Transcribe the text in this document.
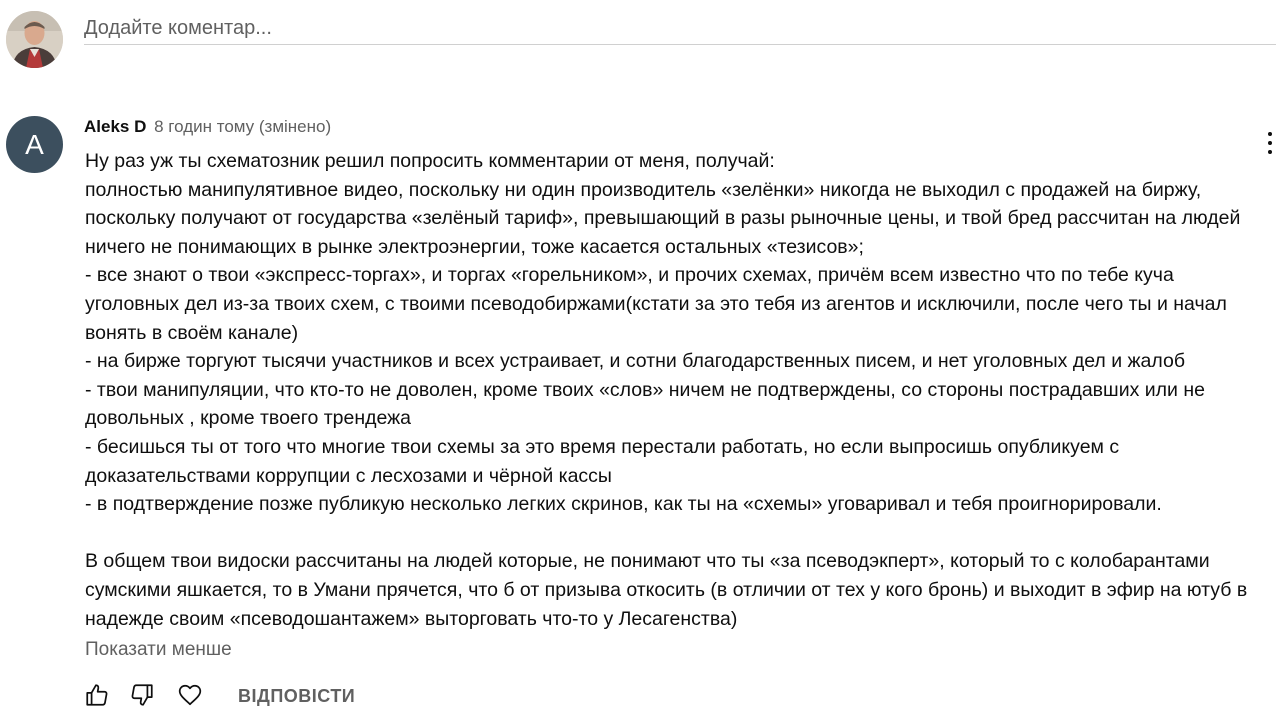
Додайте коментар...
A
Aleks D 8 годин тому (змінено)
Ну раз уж ты схематозник решил попросить комментарии от меня, получай:
полностью манипулятивное видео, поскольку ни один производитель «зелёнки» никогда не выходил с продажей на биржу, поскольку получают от государства «зелёный тариф», превышающий в разы рыночные цены, и твой бред рассчитан на людей ничего не понимающих в рынке электроэнергии, тоже касается остальных «тезисов»;
- все знают о твои «экспресс-торгах», и торгах «горельником», и прочих схемах, причём всем известно что по тебе куча уголовных дел из-за твоих схем, с твоими псеводобиржами(кстати за это тебя из агентов и исключили, после чего ты и начал вонять в своём канале)
- на бирже торгуют тысячи участников и всех устраивает, и сотни благодарственных писем, и нет уголовных дел и жалоб
- твои манипуляции, что кто-то не доволен, кроме твоих «слов» ничем не подтверждены, со стороны пострадавших или не довольных , кроме твоего трендежа
- бесишься ты от того что многие твои схемы за это время перестали работать, но если выпросишь опубликуем с доказательствами коррупции с лесхозами и чёрной кассы
- в подтверждение позже публикую несколько легких скринов, как ты на «схемы» уговаривал и тебя проигнорировали.

В общем твои видоски рассчитаны на людей которые, не понимают что ты «за псеводэкперт», который то с колобарантами сумскими яшкается, то в Умани прячется, что б от призыва откосить (в отличии от тех у кого бронь) и выходит в эфир на ютуб в надежде своим «псеводошантажем» выторговать что-то у Лесагенства)
Показати менше
ВІДПОВІСТИ
